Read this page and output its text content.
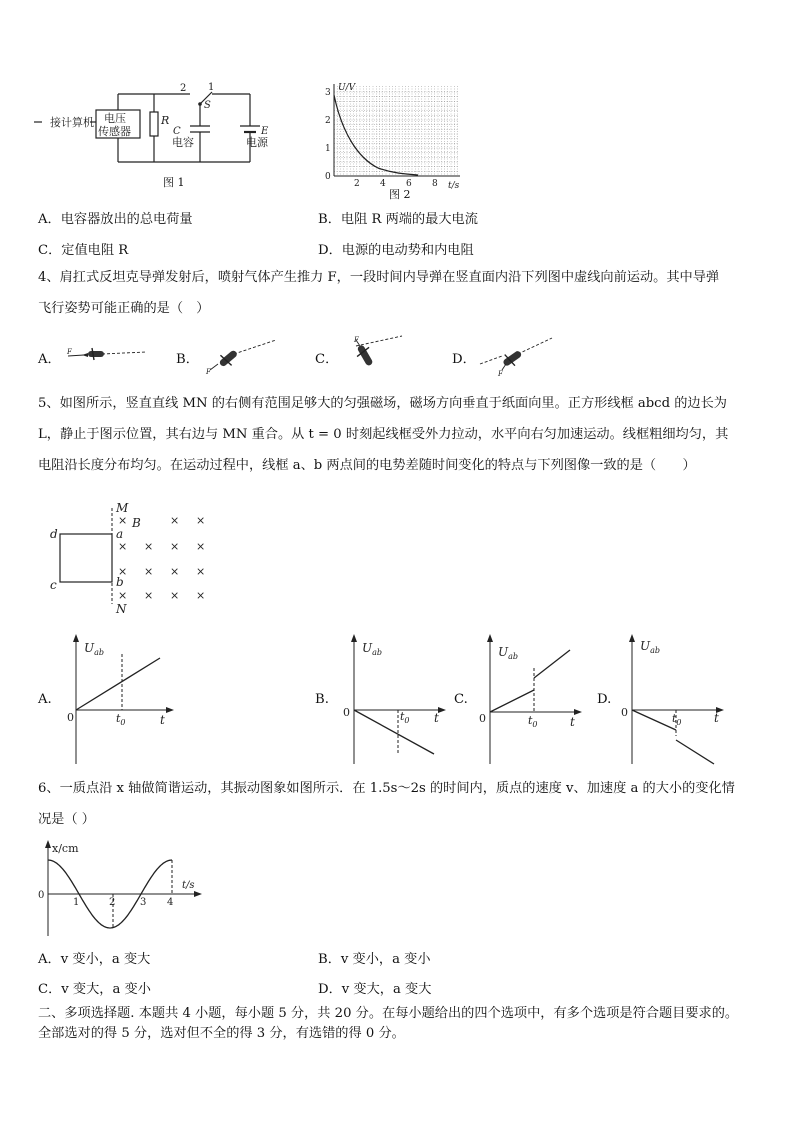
接计算机 电压
传感器
R
2 1
S
C
电容
E
电源
图 1
U/V
t/s
3
2
1
0
2 4 6 8
图 2
A．电容器放出的总电荷量	B．电阻 R 两端的最大电流
C．定值电阻 R	D．电源的电动势和内电阻
4、肩扛式反坦克导弹发射后，喷射气体产生推力 F，一段时间内导弹在竖直面内沿下列图中虚线向前运动。其中导弹
飞行姿势可能正确的是（　）
A． F	B．
F
C．
F
D．
F
5、如图所示，竖直直线 MN 的右侧有范围足够大的匀强磁场，磁场方向垂直于纸面向里。正方形线框 abcd 的边长为
L，静止于图示位置，其右边与 MN 重合。从 t = 0 时刻起线框受外力拉动，水平向右匀加速运动。线框粗细均匀，其
电阻沿长度分布均匀。在运动过程中，线框 a、b 两点间的电势差随时间变化的特点与下列图像一致的是（　　）
×	× ×
× × × ×
× × × ×
× × × ×
M
N
a
b
d
c
B
A.
$U_{ab}$
0	$t_0$	t
B.
$U_{ab}$
0	$t_0$ t
C.
$U_{ab}$
0	$t_0$	t
D.
$U_{ab}$
0	$t_0$	t
6、一质点沿 x 轴做简谐运动，其振动图象如图所示．在 1.5s～2s 的时间内，质点的速度 v、加速度 a 的大小的变化情
况是（ ）
x/cm
t/s
0
1	2 3 4
A．v 变小，a 变大	B．v 变小，a 变小
C．v 变大，a 变小	D．v 变大，a 变大
二、多项选择题. 本题共 4 小题，每小题 5 分，共 20 分。在每小题给出的四个选项中，有多个选项是符合题目要求的。
全部选对的得 5 分，选对但不全的得 3 分，有选错的得 0 分。
